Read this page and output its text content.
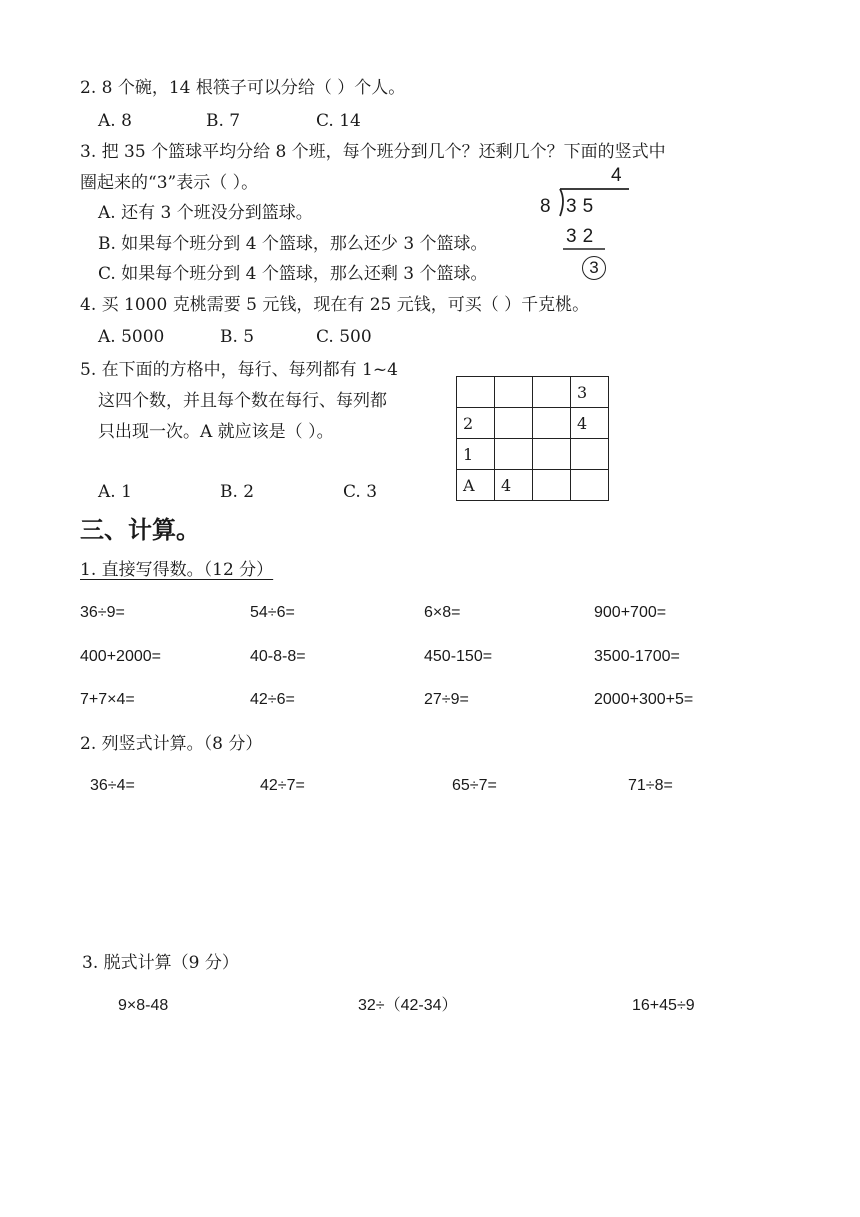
2. 8 个碗，14 根筷子可以分给（ ）个人。
A. 8	B. 7	C. 14
3. 把 35 个篮球平均分给 8 个班，每个班分到几个？还剩几个？下面的竖式中
圈起来的“3”表示（ ）。
A. 还有 3 个班没分到篮球。
B. 如果每个班分到 4 个篮球，那么还少 3 个篮球。
C. 如果每个班分到 4 个篮球，那么还剩 3 个篮球。
4
8 35
32
3
4. 买 1000 克桃需要 5 元钱，现在有 25 元钱，可买（ ）千克桃。
A. 5000	B. 5	C. 500
5. 在下面的方格中，每行、每列都有 1~4
这四个数，并且每个数在每行、每列都
只出现一次。A 就应该是（ ）。
A. 1	B. 2	C. 3
			3
2			4
1			
A	4		
三、计算。
1. 直接写得数。（12 分）
36÷9=	54÷6=	6×8=	900+700=
400+2000=	40-8-8=	450-150=	3500-1700=
7+7×4=	42÷6=	27÷9=	2000+300+5=
2. 列竖式计算。（8 分）
36÷4=	42÷7=	65÷7=	71÷8=
3. 脱式计算（9 分）
9×8-48	32÷（42-34）	16+45÷9
